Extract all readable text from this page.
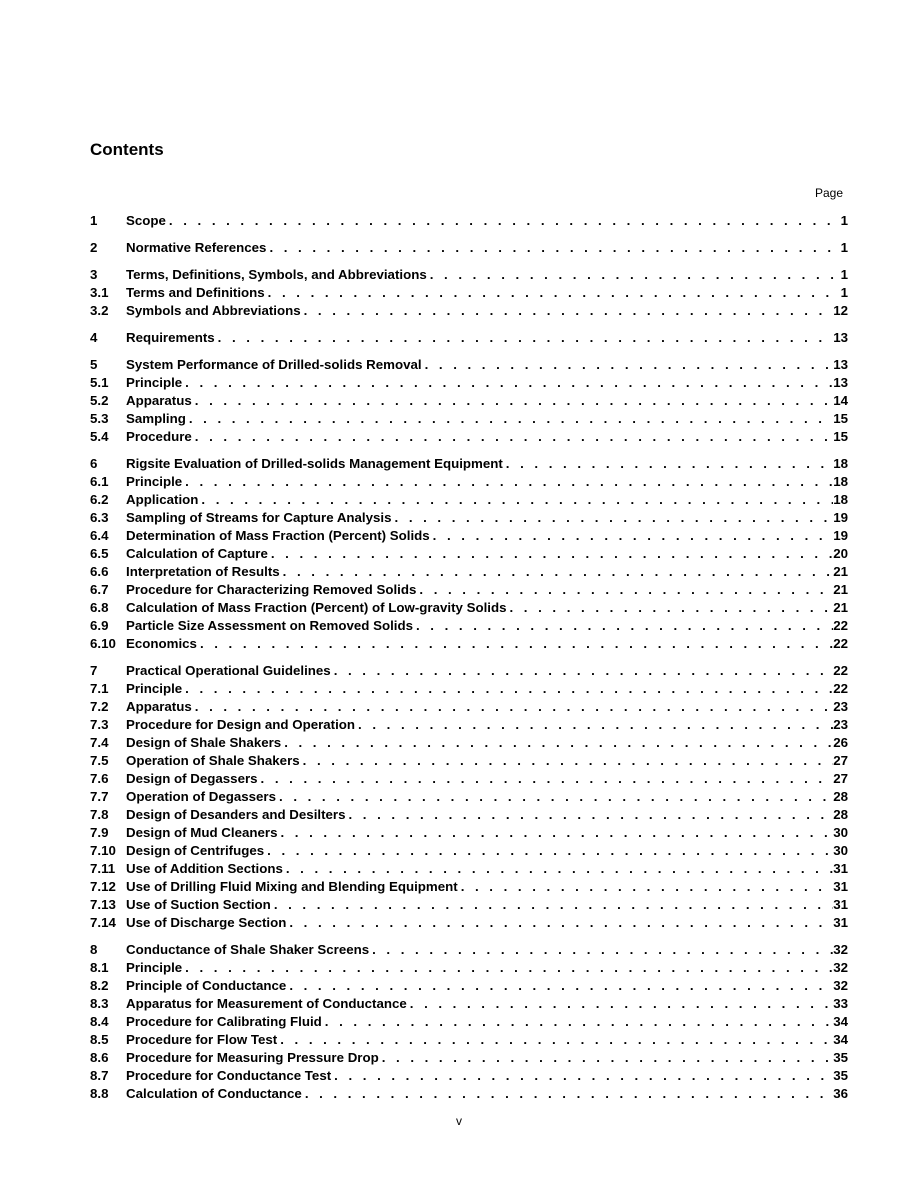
Contents
Page
1	Scope . . .	1
2	Normative References . . .	1
3	Terms, Definitions, Symbols, and Abbreviations . . .	1
3.1	Terms and Definitions . . .	1
3.2	Symbols and Abbreviations . . .	12
4	Requirements . . .	13
5	System Performance of Drilled-solids Removal . . .	13
5.1	Principle . . .	13
5.2	Apparatus . . .	14
5.3	Sampling . . .	15
5.4	Procedure . . .	15
6	Rigsite Evaluation of Drilled-solids Management Equipment . . .	18
6.1	Principle . . .	18
6.2	Application . . .	18
6.3	Sampling of Streams for Capture Analysis . . .	19
6.4	Determination of Mass Fraction (Percent) Solids . . .	19
6.5	Calculation of Capture . . .	20
6.6	Interpretation of Results . . .	21
6.7	Procedure for Characterizing Removed Solids . . .	21
6.8	Calculation of Mass Fraction (Percent) of Low-gravity Solids . . .	21
6.9	Particle Size Assessment on Removed Solids . . .	22
6.10 Economics . . .	22
7	Practical Operational Guidelines . . .	22
7.1	Principle . . .	22
7.2	Apparatus . . .	23
7.3	Procedure for Design and Operation . . .	23
7.4	Design of Shale Shakers . . .	26
7.5	Operation of Shale Shakers . . .	27
7.6	Design of Degassers . . .	27
7.7	Operation of Degassers . . .	28
7.8	Design of Desanders and Desilters . . .	28
7.9	Design of Mud Cleaners . . .	30
7.10 Design of Centrifuges . . .	30
7.11 Use of Addition Sections . . .	31
7.12 Use of Drilling Fluid Mixing and Blending Equipment . . .	31
7.13 Use of Suction Section . . .	31
7.14 Use of Discharge Section . . .	31
8	Conductance of Shale Shaker Screens . . .	32
8.1	Principle . . .	32
8.2	Principle of Conductance . . .	32
8.3	Apparatus for Measurement of Conductance . . .	33
8.4	Procedure for Calibrating Fluid . . .	34
8.5	Procedure for Flow Test . . .	34
8.6	Procedure for Measuring Pressure Drop . . .	35
8.7	Procedure for Conductance Test . . .	35
8.8	Calculation of Conductance . . .	36
v
